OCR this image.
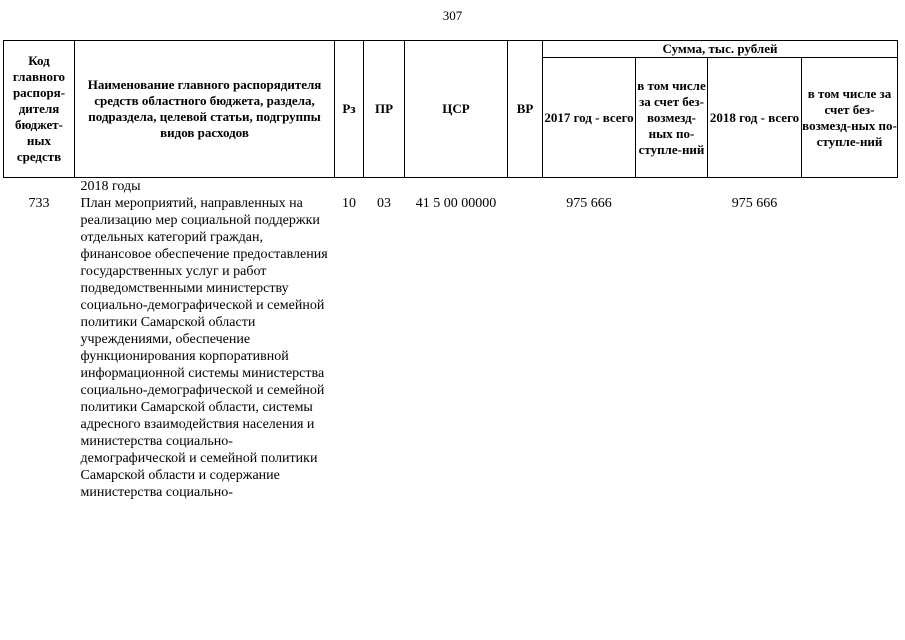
307
Код главного распоря-дителя бюджет-ных средств	Наименование главного распорядителя средств областного бюджета, раздела, подраздела, целевой статьи, подгруппы видов расходов	Рз	ПР	ЦСР	ВР	Сумма, тыс. рублей			
						2017 год - всего	в том числе за счет без-возмезд-ных по-ступле-ний	2018 год - всего	в том числе за счет без-возмезд-ных по-ступле-ний
	2018 годы								
733	План мероприятий, направленных на реализацию мер социальной поддержки отдельных категорий граждан, финансовое обеспечение предоставления государственных услуг и работ подведомственными министерству социально-демографической и семейной политики Самарской области учреждениями, обеспечение функционирования корпоративной информационной системы министерства социально-демографической и семейной политики Самарской области, системы адресного взаимодействия населения и министерства социально-демографической и семейной политики Самарской области и содержание министерства социально-	10	03	41 5 00 00000		975 666		975 666	
